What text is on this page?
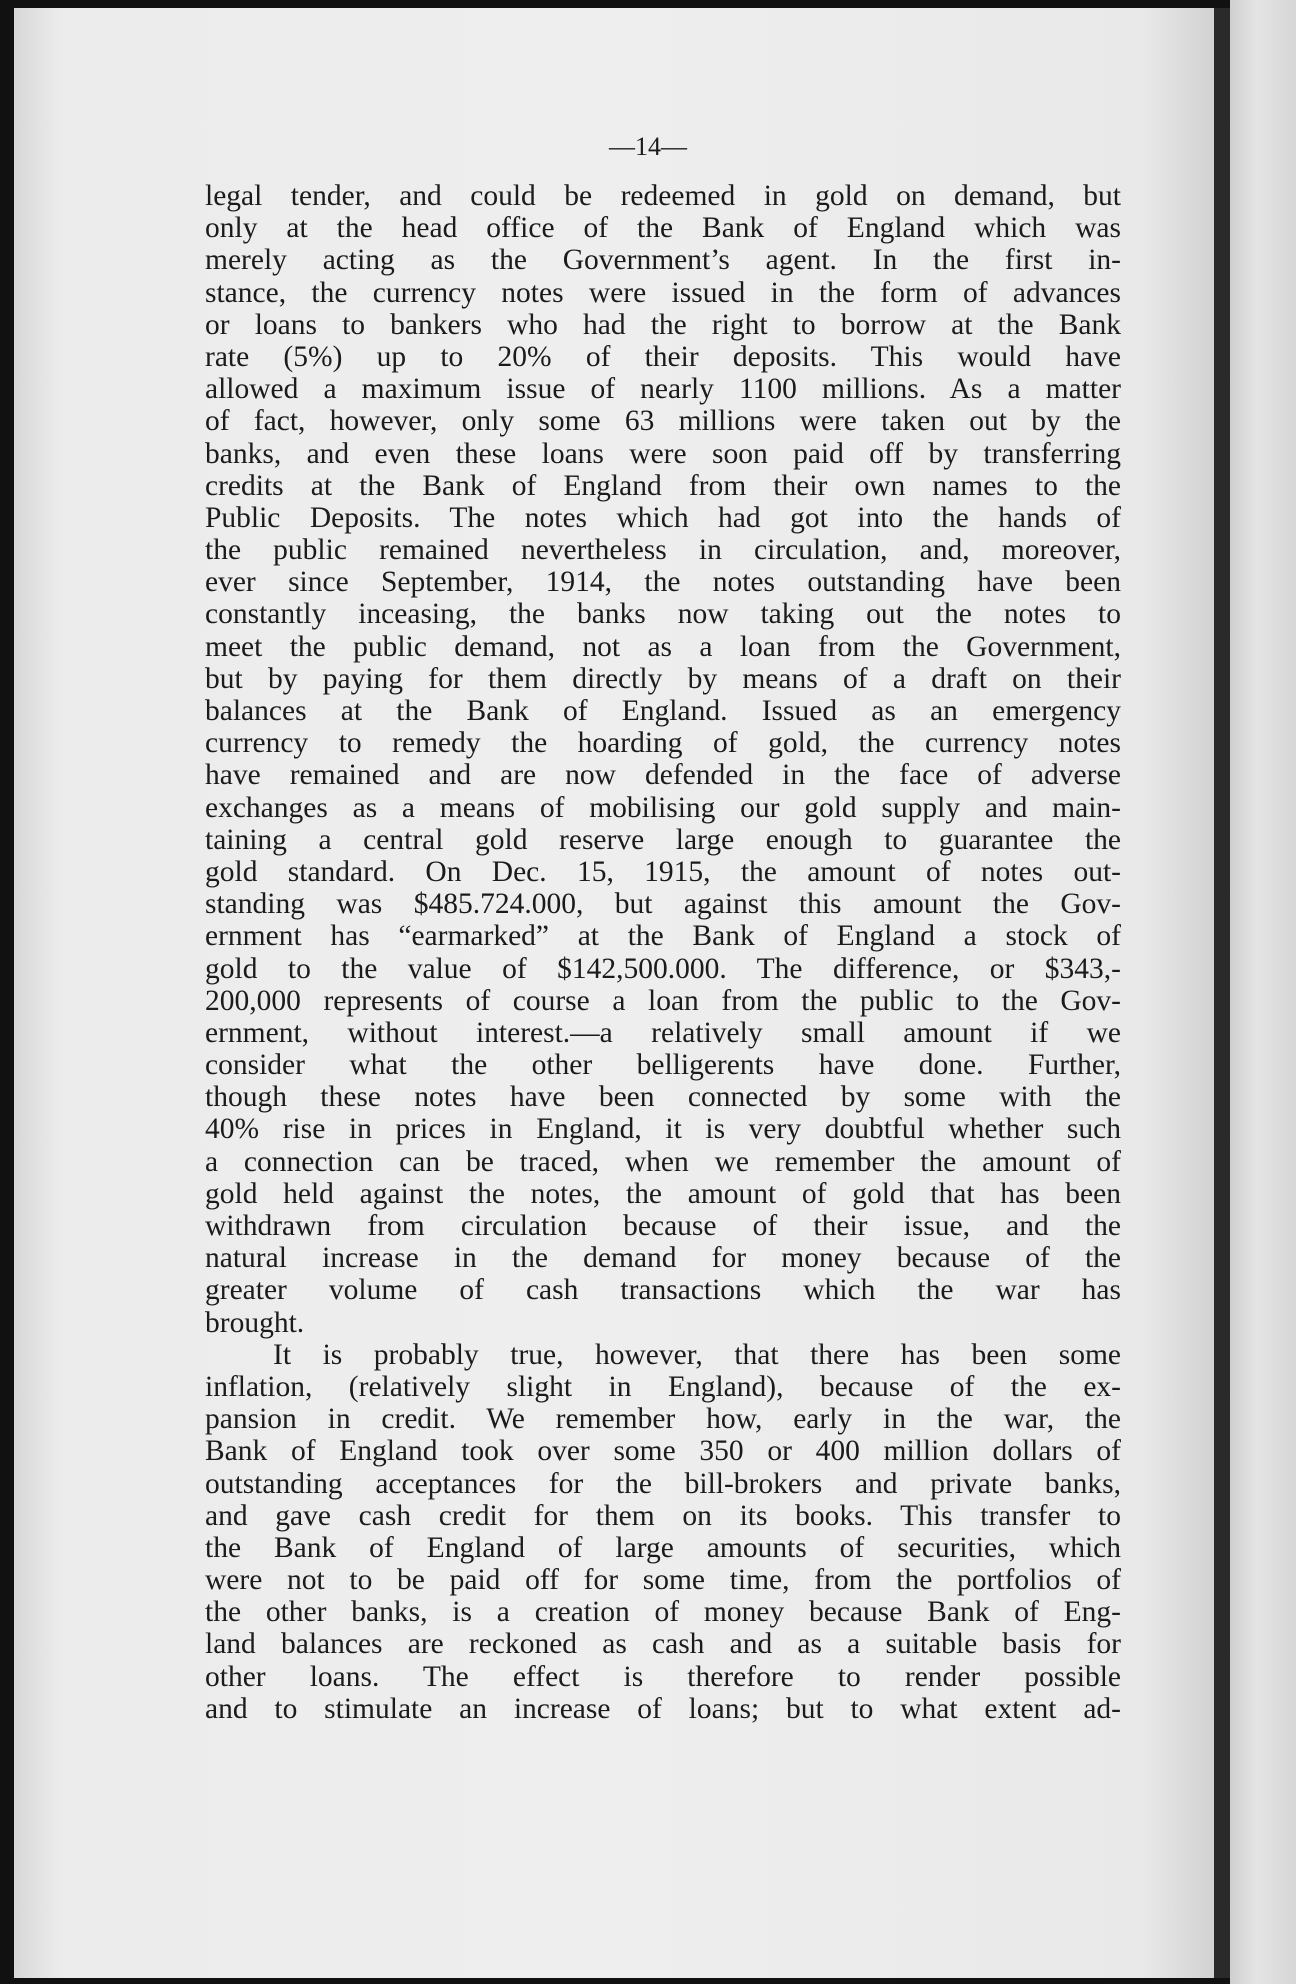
—14—
legal tender, and could be redeemed in gold on demand, but
only at the head office of the Bank of England which was
merely acting as the Government’s agent. In the first in-
stance, the currency notes were issued in the form of advances
or loans to bankers who had the right to borrow at the Bank
rate (5%) up to 20% of their deposits. This would have
allowed a maximum issue of nearly 1100 millions. As a matter
of fact, however, only some 63 millions were taken out by the
banks, and even these loans were soon paid off by transferring
credits at the Bank of England from their own names to the
Public Deposits. The notes which had got into the hands of
the public remained nevertheless in circulation, and, moreover,
ever since September, 1914, the notes outstanding have been
constantly inceasing, the banks now taking out the notes to
meet the public demand, not as a loan from the Government,
but by paying for them directly by means of a draft on their
balances at the Bank of England. Issued as an emergency
currency to remedy the hoarding of gold, the currency notes
have remained and are now defended in the face of adverse
exchanges as a means of mobilising our gold supply and main-
taining a central gold reserve large enough to guarantee the
gold standard. On Dec. 15, 1915, the amount of notes out-
standing was $485.724.000, but against this amount the Gov-
ernment has “earmarked” at the Bank of England a stock of
gold to the value of $142,500.000. The difference, or $343,-
200,000 represents of course a loan from the public to the Gov-
ernment, without interest.—a relatively small amount if we
consider what the other belligerents have done. Further,
though these notes have been connected by some with the
40% rise in prices in England, it is very doubtful whether such
a connection can be traced, when we remember the amount of
gold held against the notes, the amount of gold that has been
withdrawn from circulation because of their issue, and the
natural increase in the demand for money because of the
greater volume of cash transactions which the war has
brought.
It is probably true, however, that there has been some
inflation, (relatively slight in England), because of the ex-
pansion in credit. We remember how, early in the war, the
Bank of England took over some 350 or 400 million dollars of
outstanding acceptances for the bill-brokers and private banks,
and gave cash credit for them on its books. This transfer to
the Bank of England of large amounts of securities, which
were not to be paid off for some time, from the portfolios of
the other banks, is a creation of money because Bank of Eng-
land balances are reckoned as cash and as a suitable basis for
other loans. The effect is therefore to render possible
and to stimulate an increase of loans; but to what extent ad-
